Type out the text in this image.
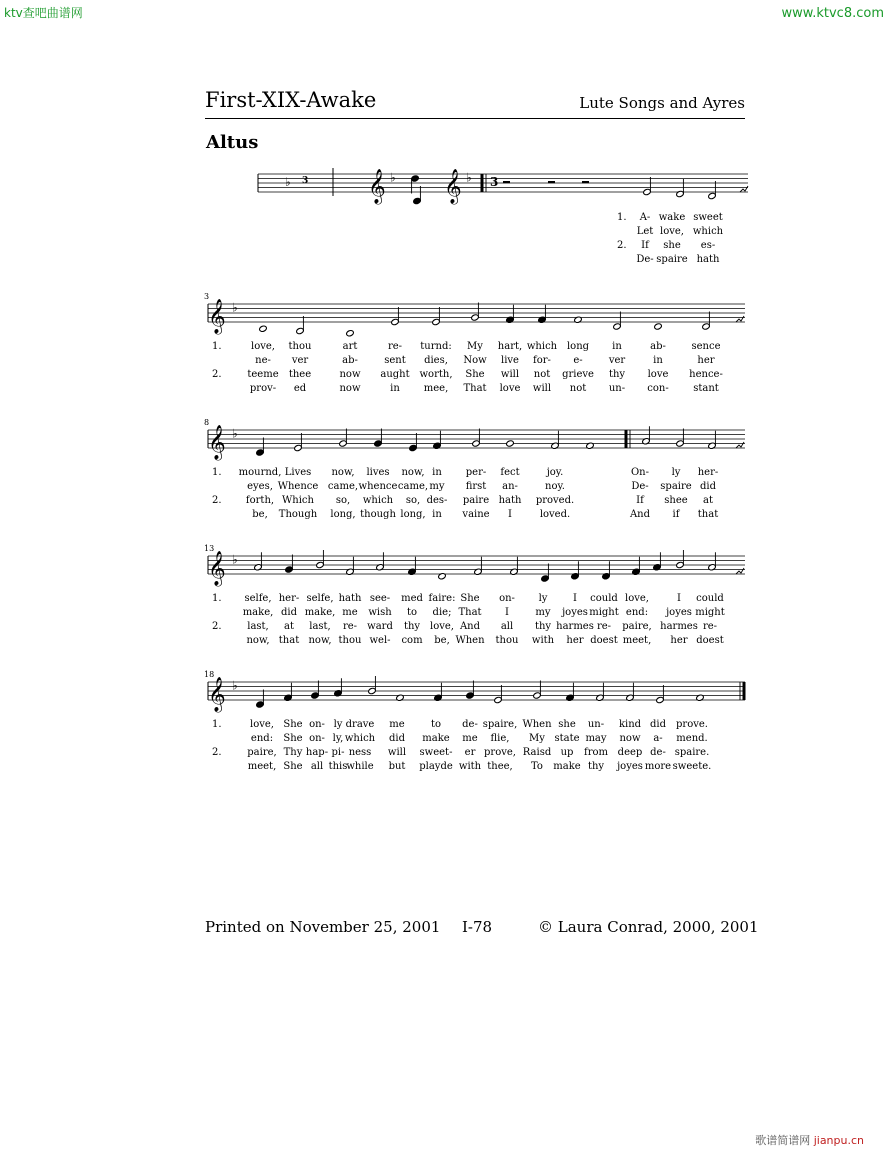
ktv查吧曲谱网	www.ktvc8.com
歌谱简谱网 jianpu.cn
First-XIX-Awake	Lute Songs and Ayres
Altus
♭ 3 𝄞 ♭ 𝄞 ♭ 3
𝄞 ♭
𝄞 ♭
𝄞 ♭
𝄞 ♭
A- wake sweet
Let love, which
If she es-
De- spaire hath
1.
2.
3
1.
2.
love, thou	art	re- turnd: My hart, which long in	ab-	sence
ne- ver	ab-	sent dies, Now live for- e-	ver	in	her
teeme thee	now aught worth, She will not grieve thy love hence-
prov- ed	now	in mee, That love will not un- con- stant
8
1.
2.
mournd, Lives now, lives now, in per- fect	joy.	On- ly her-
eyes, Whence came, whence came, my first an-	noy.	De- spaire did
forth, Which so, which so, des- paire hath proved.	If shee at
be, Though long, though long, in vaine I	loved.	And if that
13
1.
2.
selfe, her- selfe, hath see- med faire: She on- ly	I could love,	I could
make, did make, me wish to die; That I	my joyes might end: joyes might
last, at last, re- ward thy love, And all thy harmes re- paire, harmes re-
now, that now, thou wel- com be, When thou with her doest meet, her doest
18
1.
2.
love, She on- ly drave me	to de- spaire, When she un- kind did prove.
end: She on- ly, which did make me flie, My state may now a- mend.
paire, Thy hap- pi- ness will sweet- er prove, Raisd up from deep de- spaire.
meet, She all this
while but playde with thee, To make thy joyes more sweete.
Printed on November 25, 2001 I-78	© Laura Conrad, 2000, 2001
